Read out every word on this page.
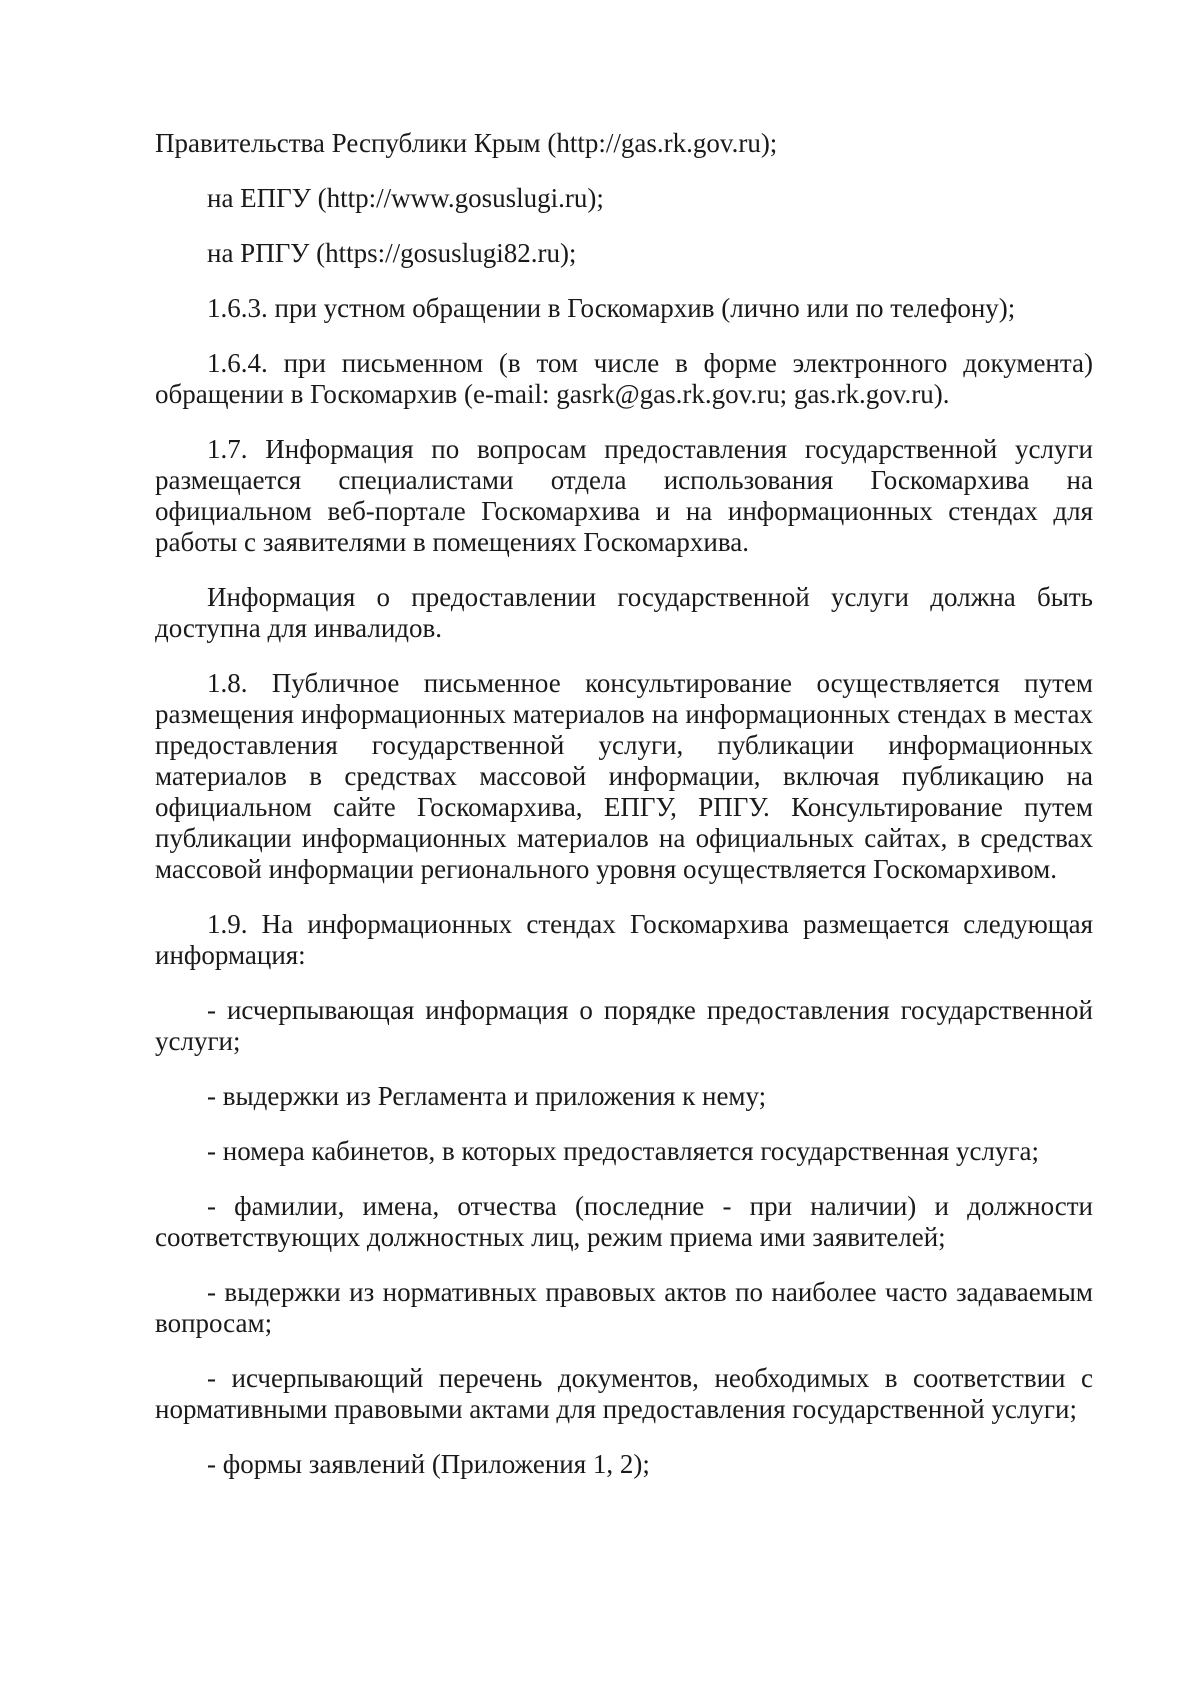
Правительства Республики Крым (http://gas.rk.gov.ru);

на ЕПГУ (http://www.gosuslugi.ru);

на РПГУ (https://gosuslugi82.ru);

1.6.3. при устном обращении в Госкомархив (лично или по телефону);

1.6.4. при письменном (в том числе в форме электронного документа) обращении в Госкомархив (e-mail: gasrk@gas.rk.gov.ru; gas.rk.gov.ru).

1.7. Информация по вопросам предоставления государственной услуги размещается специалистами отдела использования Госкомархива на официальном веб-портале Госкомархива и на информационных стендах для работы с заявителями в помещениях Госкомархива.

Информация о предоставлении государственной услуги должна быть доступна для инвалидов.

1.8. Публичное письменное консультирование осуществляется путем размещения информационных материалов на информационных стендах в местах предоставления государственной услуги, публикации информационных материалов в средствах массовой информации, включая публикацию на официальном сайте Госкомархива, ЕПГУ, РПГУ. Консультирование путем публикации информационных материалов на официальных сайтах, в средствах массовой информации регионального уровня осуществляется Госкомархивом.

1.9. На информационных стендах Госкомархива размещается следующая информация:

- исчерпывающая информация о порядке предоставления государственной услуги;

- выдержки из Регламента и приложения к нему;

- номера кабинетов, в которых предоставляется государственная услуга;

- фамилии, имена, отчества (последние - при наличии) и должности соответствующих должностных лиц, режим приема ими заявителей;

- выдержки из нормативных правовых актов по наиболее часто задаваемым вопросам;

- исчерпывающий перечень документов, необходимых в соответствии с нормативными правовыми актами для предоставления государственной услуги;

- формы заявлений (Приложения 1, 2);
